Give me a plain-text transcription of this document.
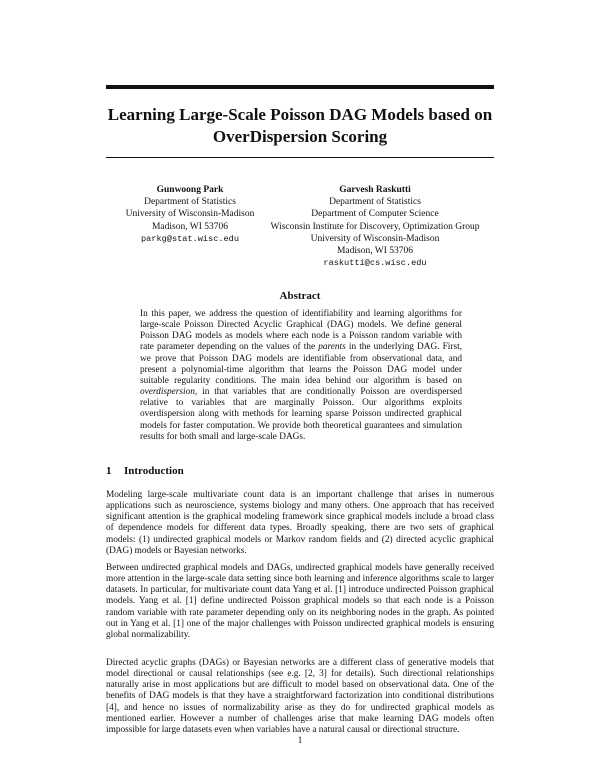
Learning Large-Scale Poisson DAG Models based on OverDispersion Scoring
Gunwoong Park
Department of Statistics
University of Wisconsin-Madison
Madison, WI 53706
parkg@stat.wisc.edu
Garvesh Raskutti
Department of Statistics
Department of Computer Science
Wisconsin Institute for Discovery, Optimization Group
University of Wisconsin-Madison
Madison, WI 53706
raskutti@cs.wisc.edu
Abstract

In this paper, we address the question of identifiability and learning algorithms for large-scale Poisson Directed Acyclic Graphical (DAG) models. We define general Poisson DAG models as models where each node is a Poisson random variable with rate parameter depending on the values of the parents in the underlying DAG. First, we prove that Poisson DAG models are identifiable from observational data, and present a polynomial-time algorithm that learns the Poisson DAG model under suitable regularity conditions. The main idea behind our algorithm is based on overdispersion, in that variables that are conditionally Poisson are overdispersed relative to variables that are marginally Poisson. Our algorithms exploits overdispersion along with methods for learning sparse Poisson undirected graphical models for faster computation. We provide both theoretical guarantees and simulation results for both small and large-scale DAGs.

1 Introduction

Modeling large-scale multivariate count data is an important challenge that arises in numerous applications such as neuroscience, systems biology and many others. One approach that has received significant attention is the graphical modeling framework since graphical models include a broad class of dependence models for different data types. Broadly speaking, there are two sets of graphical models: (1) undirected graphical models or Markov random fields and (2) directed acyclic graphical (DAG) models or Bayesian networks.

Between undirected graphical models and DAGs, undirected graphical models have generally received more attention in the large-scale data setting since both learning and inference algorithms scale to larger datasets. In particular, for multivariate count data Yang et al. [1] introduce undirected Poisson graphical models. Yang et al. [1] define undirected Poisson graphical models so that each node is a Poisson random variable with rate parameter depending only on its neighboring nodes in the graph. As pointed out in Yang et al. [1] one of the major challenges with Poisson undirected graphical models is ensuring global normalizability.

Directed acyclic graphs (DAGs) or Bayesian networks are a different class of generative models that model directional or causal relationships (see e.g. [2, 3] for details). Such directional relationships naturally arise in most applications but are difficult to model based on observational data. One of the benefits of DAG models is that they have a straightforward factorization into conditional distributions [4], and hence no issues of normalizability arise as they do for undirected graphical models as mentioned earlier. However a number of challenges arise that make learning DAG models often impossible for large datasets even when variables have a natural causal or directional structure.

1
